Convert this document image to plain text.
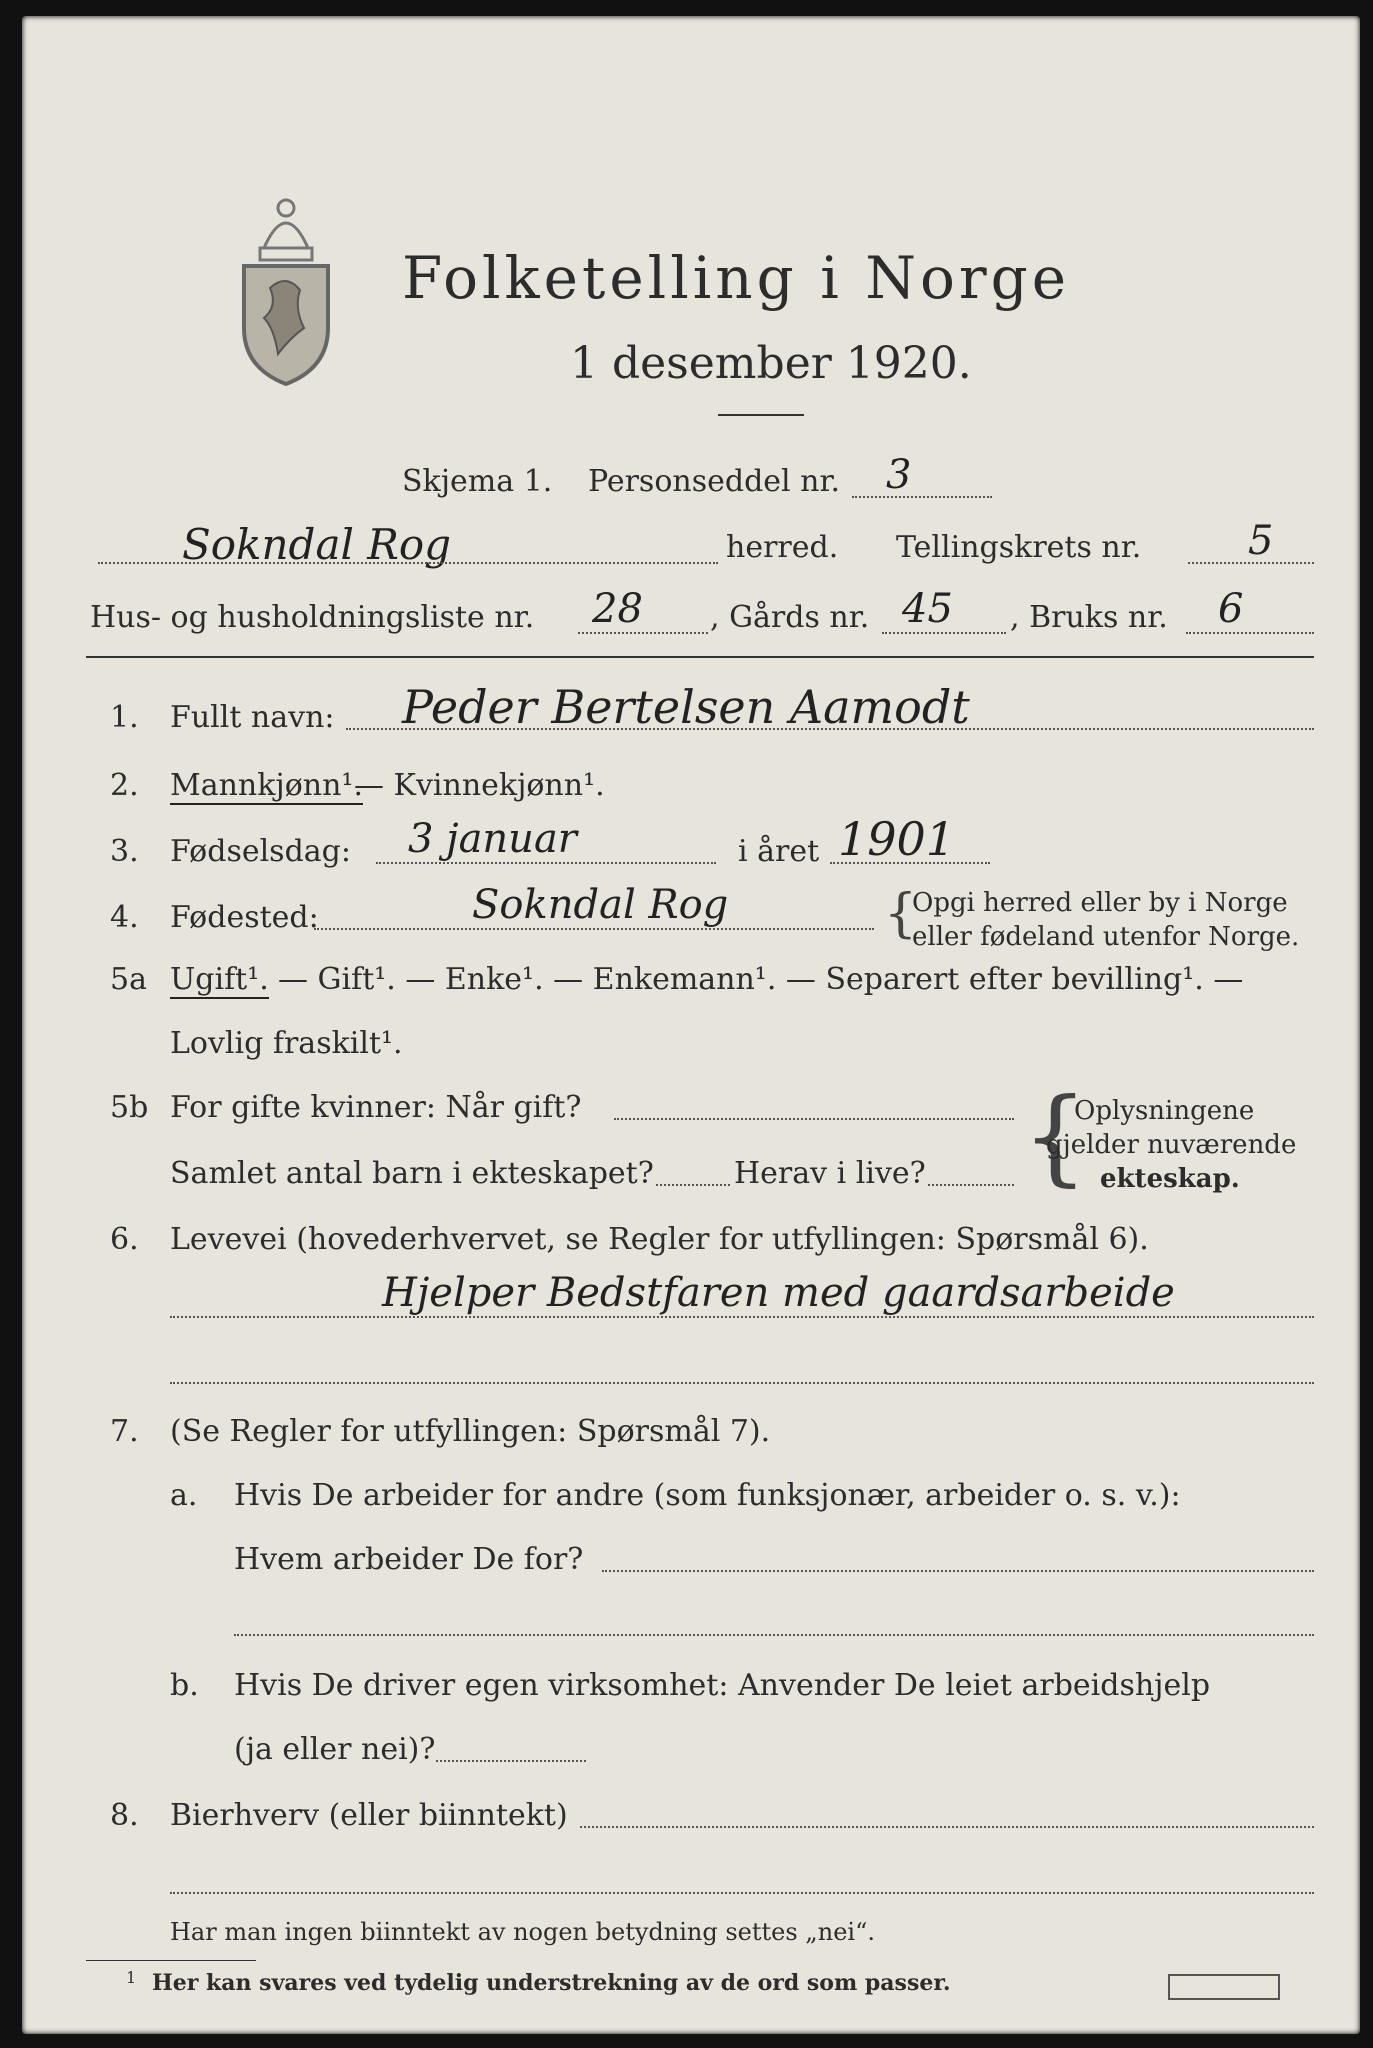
Folketelling i Norge
1 desember 1920.
Skjema 1. Personseddel nr. 3
Sokndal Rog	herred. Tellingskrets nr.	5
Hus- og husholdningsliste nr. 28 , Gårds nr. 45 , Bruks nr. 6
1. Fullt navn: Peder Bertelsen Aamodt
2. Mannkjønn¹.
— Kvinnekjønn¹.
3. Fødselsdag: 3 januar	i året 1901
4. Fødested:	Sokndal Rog	{
Opgi herred eller by i Norge
eller fødeland utenfor Norge.
5a Ugift¹. — Gift¹. — Enke¹. — Enkemann¹. — Separert efter bevilling¹. —
Lovlig fraskilt¹.
5b For gifte kvinner: Når gift?
Samlet antal barn i ekteskapet?	Herav i live? {
Oplysningene
gjelder nuværende
ekteskap.
6. Levevei (hovederhvervet, se Regler for utfyllingen: Spørsmål 6).
Hjelper Bedstfaren med gaardsarbeide
7. (Se Regler for utfyllingen: Spørsmål 7).
a. Hvis De arbeider for andre (som funksjonær, arbeider o. s. v.):
Hvem arbeider De for?
b. Hvis De driver egen virksomhet: Anvender De leiet arbeidshjelp
(ja eller nei)?
8. Bierhverv (eller biinntekt)
Har man ingen biinntekt av nogen betydning settes „nei“.
1 Her kan svares ved tydelig understrekning av de ord som passer.
